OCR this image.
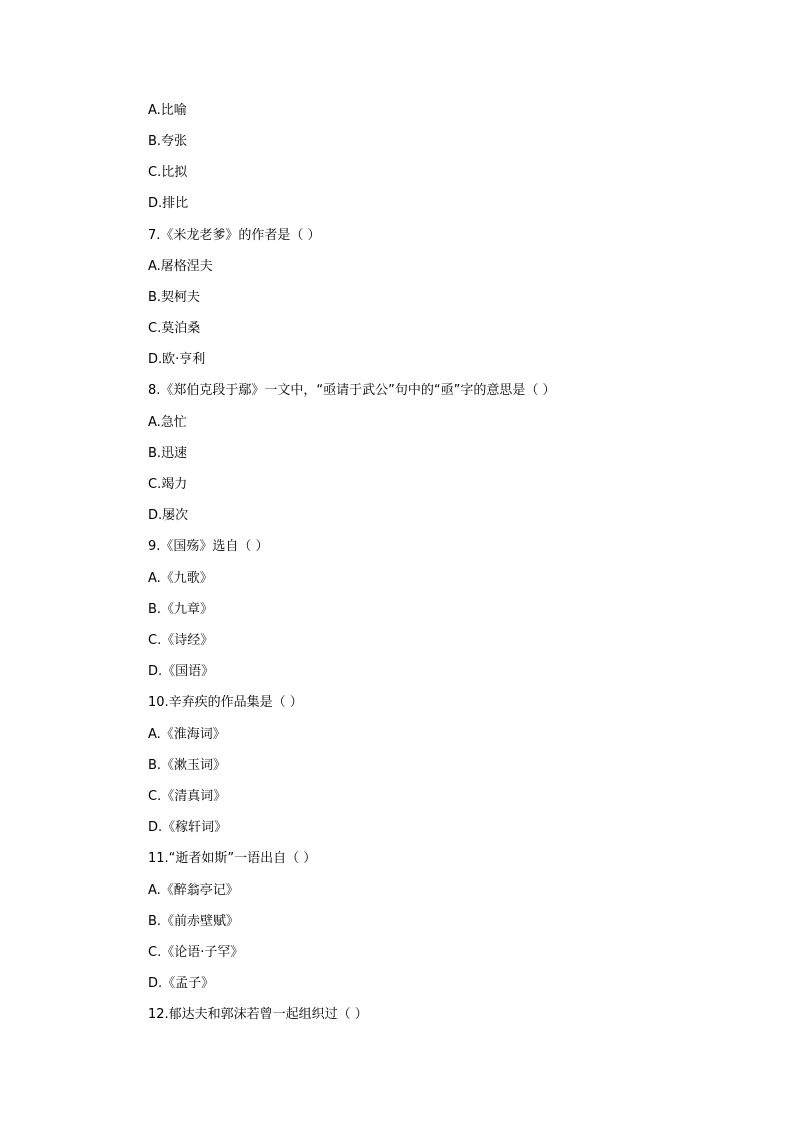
A.比喻
B.夸张
C.比拟
D.排比
7.《米龙老爹》的作者是（ ）
A.屠格涅夫
B.契柯夫
C.莫泊桑
D.欧·亨利
8.《郑伯克段于鄢》一文中，“亟请于武公”句中的“亟”字的意思是（ ）
A.急忙
B.迅速
C.竭力
D.屡次
9.《国殇》选自（ ）
A.《九歌》
B.《九章》
C.《诗经》
D.《国语》
10.辛弃疾的作品集是（ ）
A.《淮海词》
B.《漱玉词》
C.《清真词》
D.《稼轩词》
11.“逝者如斯”一语出自（ ）
A.《醉翁亭记》
B.《前赤壁赋》
C.《论语·子罕》
D.《孟子》
12.郁达夫和郭沫若曾一起组织过（ ）
